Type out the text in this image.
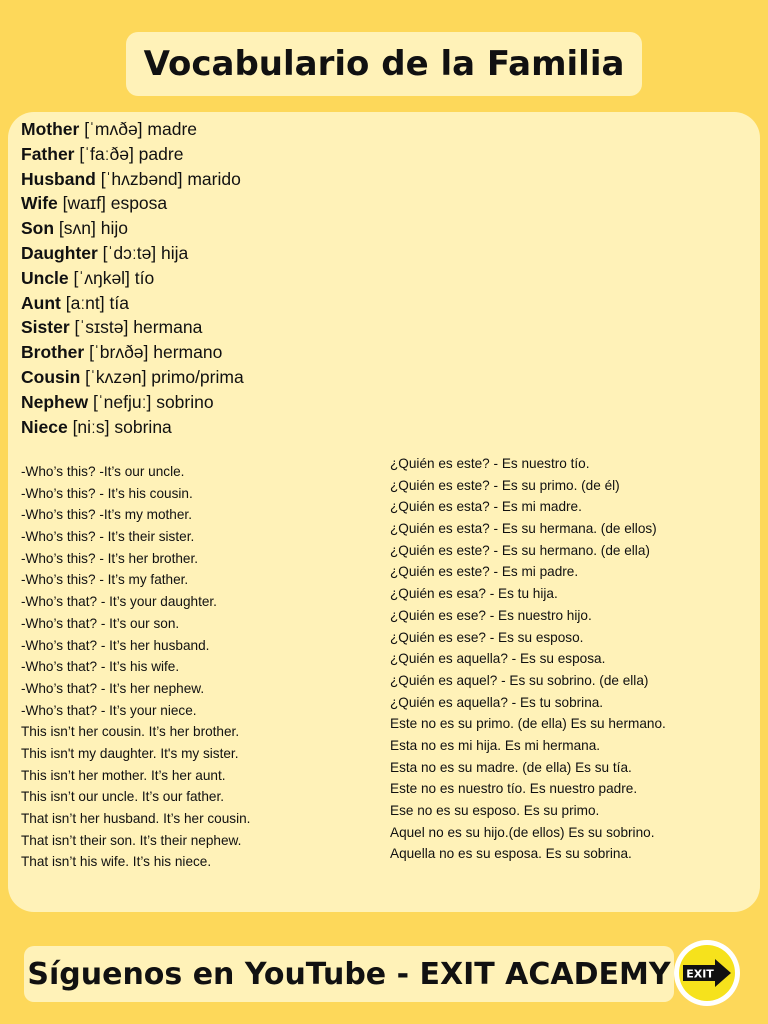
Vocabulario de la Familia
Mother [ˈmʌðə] madre
Father [ˈfaːðə] padre
Husband [ˈhʌzbənd] marido
Wife [waɪf] esposa
Son [sʌn] hijo
Daughter [ˈdɔːtə] hija
Uncle [ˈʌŋkəl] tío
Aunt [aːnt] tía
Sister [ˈsɪstə] hermana
Brother [ˈbrʌðə] hermano
Cousin [ˈkʌzən] primo/prima
Nephew [ˈnefjuː] sobrino
Niece [niːs] sobrina
-Who’s this? -It’s our uncle.
-Who’s this? - It’s his cousin.
-Who’s this? -It’s my mother.
-Who’s this? - It’s their sister.
-Who’s this? - It’s her brother.
-Who’s this? - It’s my father.
-Who’s that? - It’s your daughter.
-Who’s that? - It’s our son.
-Who’s that? - It’s her husband.
-Who’s that? - It’s his wife.
-Who’s that? - It’s her nephew.
-Who’s that? - It’s your niece.
This isn’t her cousin. It’s her brother.
This isn't my daughter. It's my sister.
This isn’t her mother. It’s her aunt.
This isn’t our uncle. It’s our father.
That isn’t her husband. It’s her cousin.
That isn’t their son. It’s their nephew.
That isn’t his wife. It’s his niece.
¿Quién es este? - Es nuestro tío.
¿Quién es este? - Es su primo. (de él)
¿Quién es esta? - Es mi madre.
¿Quién es esta? - Es su hermana. (de ellos)
¿Quién es este? - Es su hermano. (de ella)
¿Quién es este? - Es mi padre.
¿Quién es esa? - Es tu hija.
¿Quién es ese? - Es nuestro hijo.
¿Quién es ese? - Es su esposo.
¿Quién es aquella? - Es su esposa.
¿Quién es aquel? - Es su sobrino. (de ella)
¿Quién es aquella? - Es tu sobrina.
Este no es su primo. (de ella) Es su hermano.
Esta no es mi hija. Es mi hermana.
Esta no es su madre. (de ella) Es su tía.
Este no es nuestro tío. Es nuestro padre.
Ese no es su esposo. Es su primo.
Aquel no es su hijo.(de ellos) Es su sobrino.
Aquella no es su esposa. Es su sobrina.
Síguenos en YouTube - EXIT ACADEMY EXIT
